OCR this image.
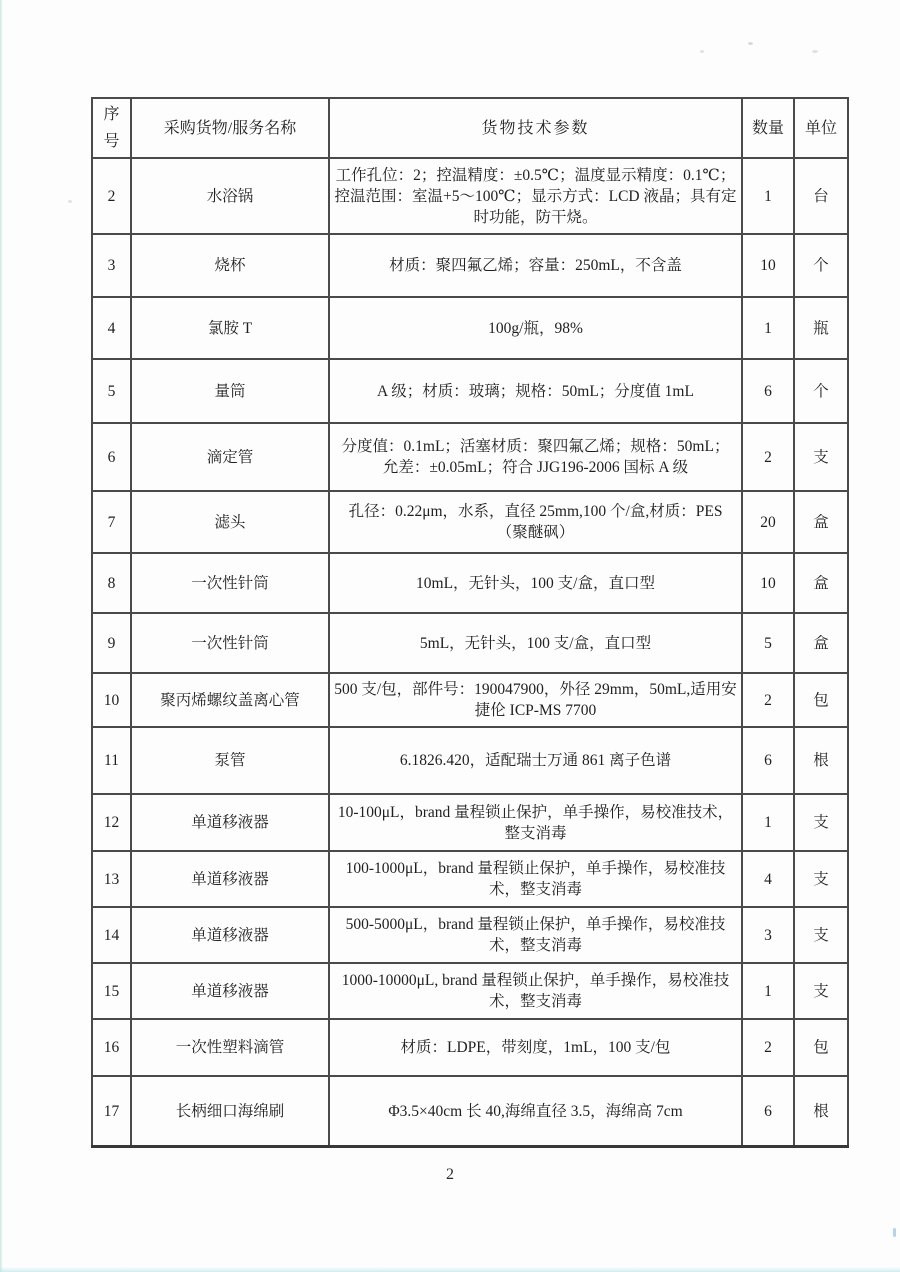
序号	采购货物/服务名称	货物技术参数	数量	单位
2	水浴锅	工作孔位：2；控温精度：±0.5℃；温度显示精度：0.1℃；控温范围：室温+5～100℃；显示方式：LCD 液晶；具有定时功能，防干烧。	1	台
3	烧杯	材质：聚四氟乙烯；容量：250mL，不含盖	10	个
4	氯胺 T	100g/瓶，98%	1	瓶
5	量筒	A 级；材质：玻璃；规格：50mL；分度值 1mL	6	个
6	滴定管	分度值：0.1mL；活塞材质：聚四氟乙烯；规格：50mL；允差：±0.05mL；符合 JJG196-2006 国标 A 级	2	支
7	滤头	孔径：0.22μm，水系，直径 25mm,100 个/盒,材质：PES（聚醚砜）	20	盒
8	一次性针筒	10mL，无针头，100 支/盒，直口型	10	盒
9	一次性针筒	5mL，无针头，100 支/盒，直口型	5	盒
10	聚丙烯螺纹盖离心管	500 支/包，部件号：190047900，外径 29mm，50mL,适用安捷伦 ICP-MS 7700	2	包
11	泵管	6.1826.420，适配瑞士万通 861 离子色谱	6	根
12	单道移液器	10-100μL，brand 量程锁止保护，单手操作，易校准技术，整支消毒	1	支
13	单道移液器	100-1000μL，brand 量程锁止保护，单手操作，易校准技术，整支消毒	4	支
14	单道移液器	500-5000μL，brand 量程锁止保护，单手操作，易校准技术，整支消毒	3	支
15	单道移液器	1000-10000μL, brand 量程锁止保护，单手操作，易校准技术，整支消毒	1	支
16	一次性塑料滴管	材质：LDPE，带刻度，1mL，100 支/包	2	包
17	长柄细口海绵刷	Φ3.5×40cm 长 40,海绵直径 3.5，海绵高 7cm	6	根
2
